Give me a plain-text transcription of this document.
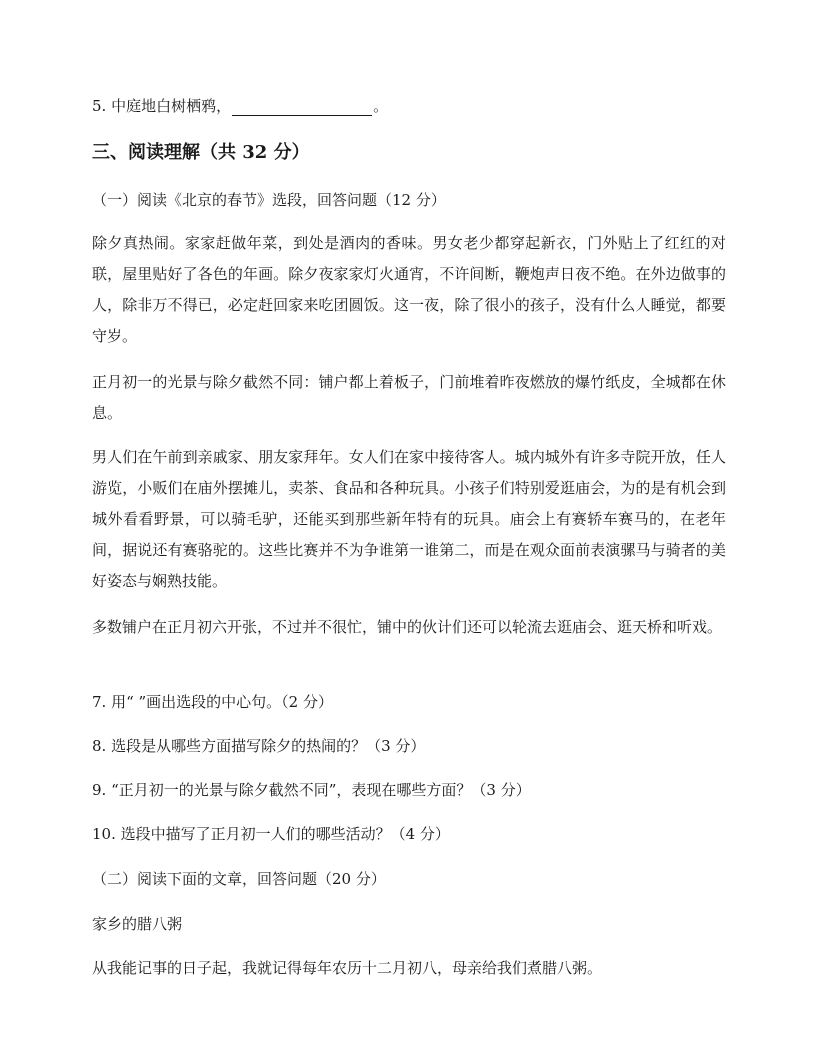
5. 中庭地白树栖鸦，	。

三、阅读理解（共 32 分）

（一）阅读《北京的春节》选段，回答问题（12 分）

除夕真热闹。家家赶做年菜，到处是酒肉的香味。男女老少都穿起新衣，门外贴上了红红的对联，屋里贴好了各色的年画。除夕夜家家灯火通宵，不许间断，鞭炮声日夜不绝。在外边做事的人，除非万不得已，必定赶回家来吃团圆饭。这一夜，除了很小的孩子，没有什么人睡觉，都要守岁。

正月初一的光景与除夕截然不同：铺户都上着板子，门前堆着昨夜燃放的爆竹纸皮，全城都在休息。

男人们在午前到亲戚家、朋友家拜年。女人们在家中接待客人。城内城外有许多寺院开放，任人游览，小贩们在庙外摆摊儿，卖茶、食品和各种玩具。小孩子们特别爱逛庙会，为的是有机会到城外看看野景，可以骑毛驴，还能买到那些新年特有的玩具。庙会上有赛轿车赛马的，在老年间，据说还有赛骆驼的。这些比赛并不为争谁第一谁第二，而是在观众面前表演骡马与骑者的美好姿态与娴熟技能。

多数铺户在正月初六开张，不过并不很忙，铺中的伙计们还可以轮流去逛庙会、逛天桥和听戏。

7. 用“ ”画出选段的中心句。（2 分）

8. 选段是从哪些方面描写除夕的热闹的？（3 分）

9. “正月初一的光景与除夕截然不同”，表现在哪些方面？（3 分）

10. 选段中描写了正月初一人们的哪些活动？（4 分）

（二）阅读下面的文章，回答问题（20 分）

家乡的腊八粥

从我能记事的日子起，我就记得每年农历十二月初八，母亲给我们煮腊八粥。
